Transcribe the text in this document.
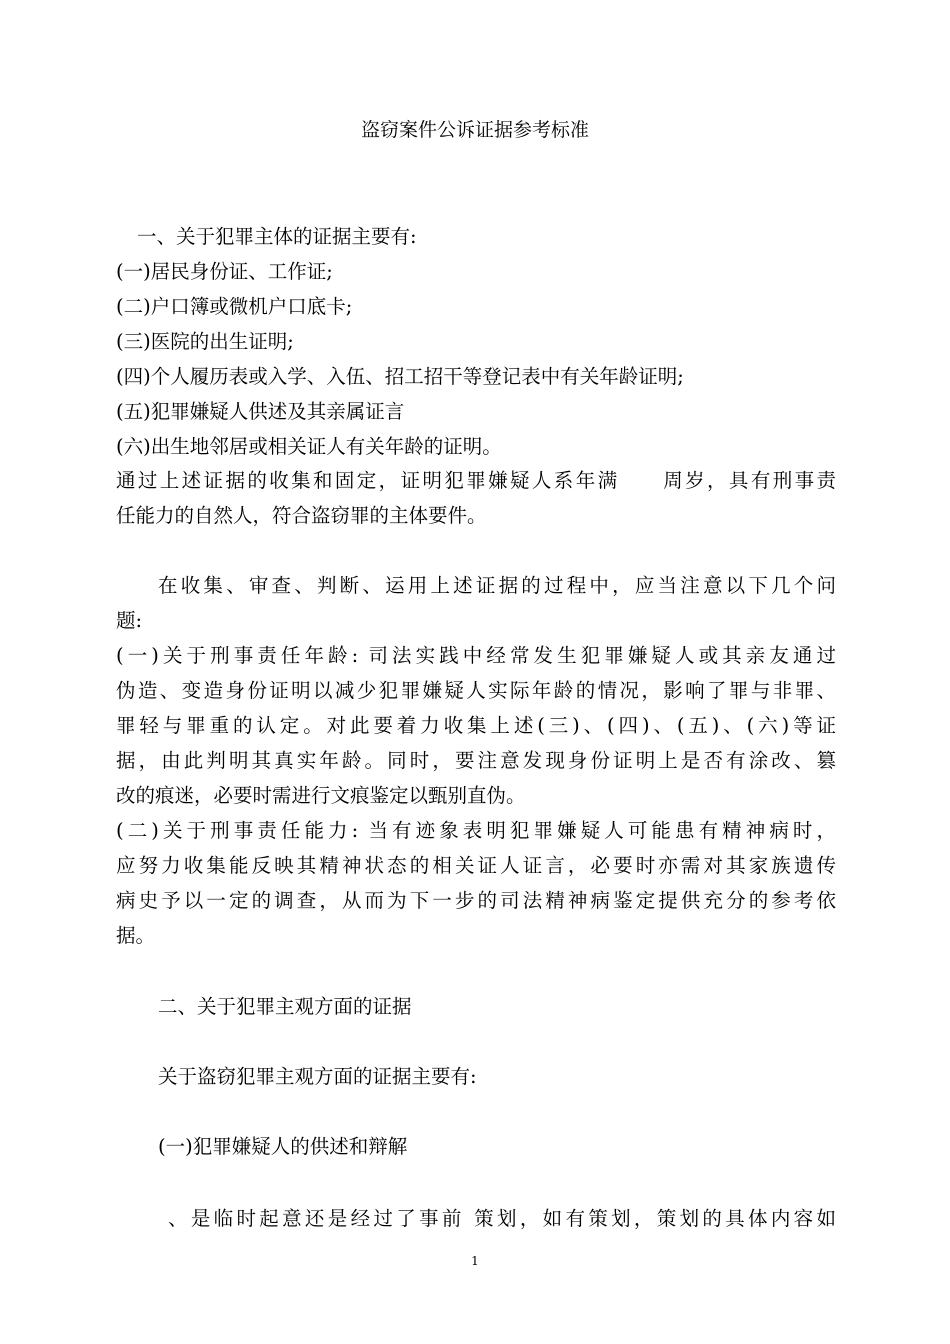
盗窃案件公诉证据参考标准
一、关于犯罪主体的证据主要有:
(一)居民身份证、工作证;
(二)户口簿或微机户口底卡;
(三)医院的出生证明;
(四)个人履历表或入学、入伍、招工招干等登记表中有关年龄证明;
(五)犯罪嫌疑人供述及其亲属证言
(六)出生地邻居或相关证人有关年龄的证明。
通过上述证据的收集和固定，证明犯罪嫌疑人系年满　　周岁，具有刑事责
任能力的自然人，符合盗窃罪的主体要件。
在收集、审查、判断、运用上述证据的过程中，应当注意以下几个问
题:
(一)关于刑事责任年龄: 司法实践中经常发生犯罪嫌疑人或其亲友通过
伪造、变造身份证明以减少犯罪嫌疑人实际年龄的情况，影响了罪与非罪、
罪轻与罪重的认定。对此要着力收集上述(三)、(四)、(五)、(六)等证
据，由此判明其真实年龄。同时，要注意发现身份证明上是否有涂改、篡
改的痕迷，必要时需进行文痕鉴定以甄别直伪。
(二)关于刑事责任能力: 当有迹象表明犯罪嫌疑人可能患有精神病时，
应努力收集能反映其精神状态的相关证人证言，必要时亦需对其家族遗传
病史予以一定的调查，从而为下一步的司法精神病鉴定提供充分的参考依
据。
二、关于犯罪主观方面的证据
关于盗窃犯罪主观方面的证据主要有:
(一)犯罪嫌疑人的供述和辩解
、是临时起意还是经过了事前 策划，如有策划，策划的具体内容如
1
